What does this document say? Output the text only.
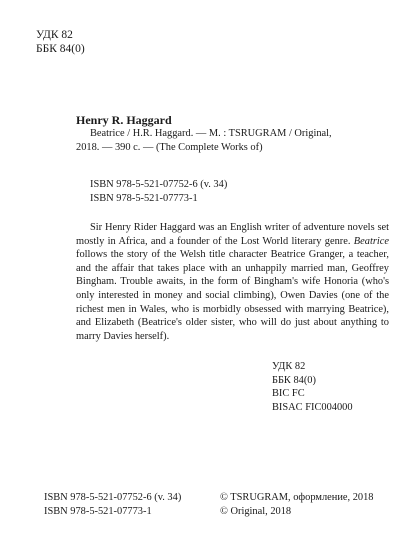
УДК 82
ББК 84(0)
Henry R. Haggard
Beatrice / H.R. Haggard. — M. : TSRUGRAM / Original,
2018. — 390 c. — (The Complete Works of)
ISBN 978-5-521-07752-6 (v. 34)
ISBN 978-5-521-07773-1

Sir Henry Rider Haggard was an English writer of adventure novels set mostly in Africa, and a founder of the Lost World literary genre. Beatrice follows the story of the Welsh title character Beatrice Granger, a teacher, and the affair that takes place with an unhappily married man, Geoffrey Bingham. Trouble awaits, in the form of Bingham's wife Honoria (who's only interested in money and social climbing), Owen Davies (one of the richest men in Wales, who is morbidly obsessed with marrying Beatrice), and Elizabeth (Beatrice's older sister, who will do just about anything to marry Davies herself).

УДК 82
ББК 84(0)
BIC FC
BISAC FIC004000
ISBN 978-5-521-07752-6 (v. 34)
ISBN 978-5-521-07773-1
© TSRUGRAM, оформление, 2018
© Original, 2018
